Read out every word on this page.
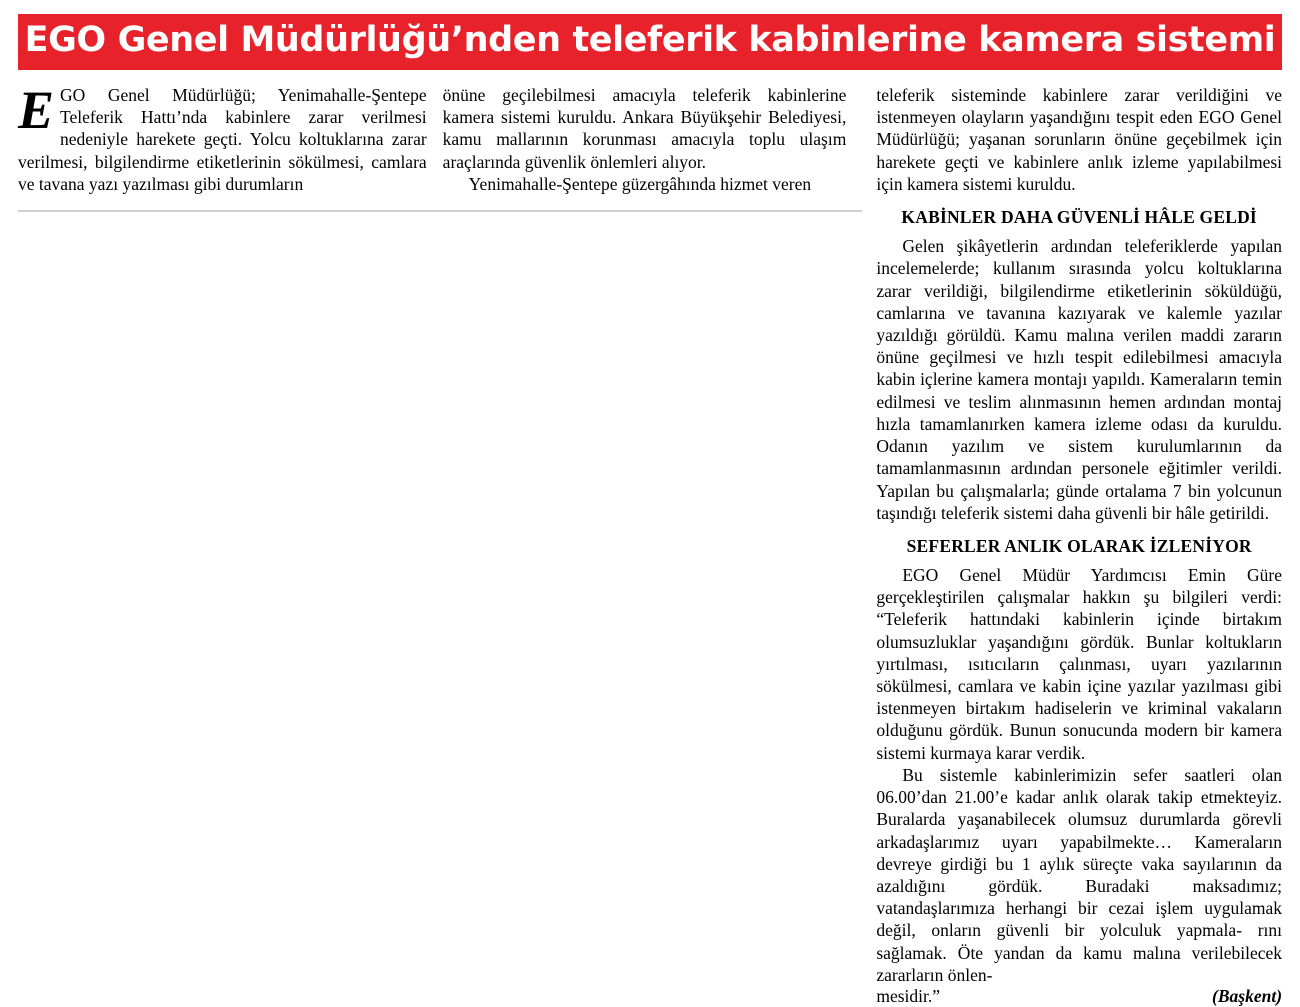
EGO Genel Müdürlüğü’nden teleferik kabinlerine kamera sistemi

EGO Genel Müdürlüğü; Yenimahalle-Şentepe Teleferik Hattı’nda kabinlere zarar verilmesi nedeniyle harekete geçti. Yolcu koltuklarına zarar verilmesi, bilgilendirme etiketlerinin sökülmesi, camlara ve tavana yazı yazılması gibi durumların

önüne geçilebilmesi amacıyla teleferik kabinlerine kamera sistemi kuruldu. Ankara Büyükşehir Belediyesi, kamu mallarının korunması amacıyla toplu ulaşım araçlarında güvenlik önlemleri alıyor.

Yenimahalle-Şentepe güzergâhında hizmet veren

teleferik sisteminde kabinlere zarar verildiğini ve istenmeyen olayların yaşandığını tespit eden EGO Genel Müdürlüğü; yaşanan sorunların önüne geçebilmek için harekete geçti ve kabinlere anlık izleme yapılabilmesi için kamera sistemi kuruldu.

KABİNLER DAHA GÜVENLİ HÂLE GELDİ

Gelen şikâyetlerin ardından teleferiklerde yapılan incelemelerde; kullanım sırasında yolcu koltuklarına zarar verildiği, bilgilendirme etiketlerinin söküldüğü, camlarına ve tavanına kazıyarak ve kalemle yazılar yazıldığı görüldü. Kamu malına verilen maddi zararın önüne geçilmesi ve hızlı tespit edilebilmesi amacıyla kabin içlerine kamera montajı yapıldı. Kameraların temin edilmesi ve teslim alınmasının hemen ardından montaj hızla tamamlanırken kamera izleme odası da kuruldu. Odanın yazılım ve sistem kurulumlarının da tamamlanmasının ardından personele eğitimler verildi. Yapılan bu çalışmalarla; günde ortalama 7 bin yolcunun taşındığı teleferik sistemi daha güvenli bir hâle getirildi.

SEFERLER ANLIK OLARAK İZLENİYOR

EGO Genel Müdür Yardımcısı Emin Güre gerçekleştirilen çalışmalar hakkın şu bilgileri verdi: “Teleferik hattındaki kabinlerin içinde birtakım olumsuzluklar yaşandığını gördük. Bunlar koltukların yırtılması, ısıtıcıların çalınması, uyarı yazılarının sökülmesi, camlara ve kabin içine yazılar yazılması gibi istenmeyen birtakım hadiselerin ve kriminal vakaların olduğunu gördük. Bunun sonucunda modern bir kamera sistemi kurmaya karar verdik.

Bu sistemle kabinlerimizin sefer saatleri olan 06.00’dan 21.00’e kadar anlık olarak takip etmekteyiz. Buralarda yaşanabilecek olumsuz durumlarda görevli arkadaşlarımız uyarı yapabilmekte… Kameraların devreye girdiği bu 1 aylık süreçte vaka sayılarının da azaldığını gördük. Buradaki maksadımız; vatandaşlarımıza herhangi bir cezai işlem uygulamak değil, onların güvenli bir yolculuk yapmala- rını sağlamak. Öte yandan da kamu malına verilebilecek zararların önlen-

mesidir.”	(Başkent)
